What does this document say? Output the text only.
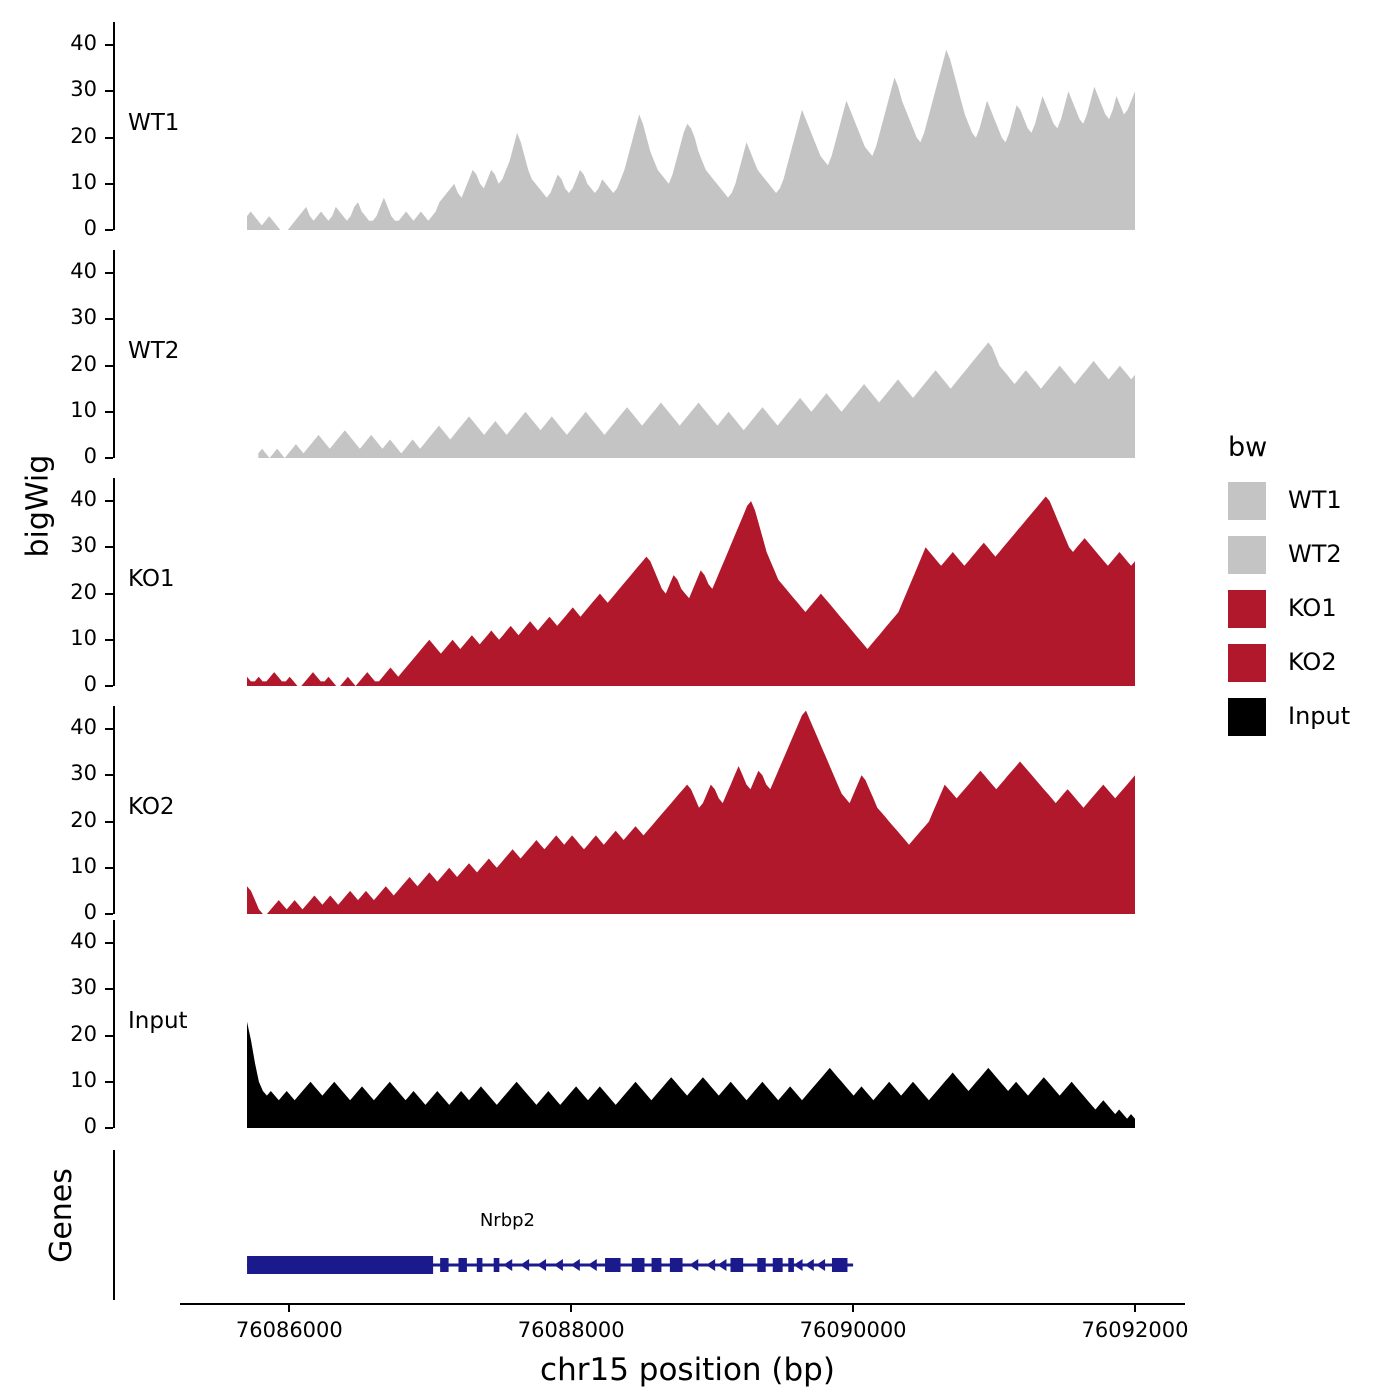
bigWig
Genes
0
10
20
30
40
WT1
0
10
20
30
40
WT2
0
10
20
30
40
KO1
0
10
20
30
40
KO2
0
10
20
30
40
Input
Nrbp2
76086000	76088000	76090000	76092000
chr15 position (bp)
bw
WT1
WT2
KO1
KO2
Input
